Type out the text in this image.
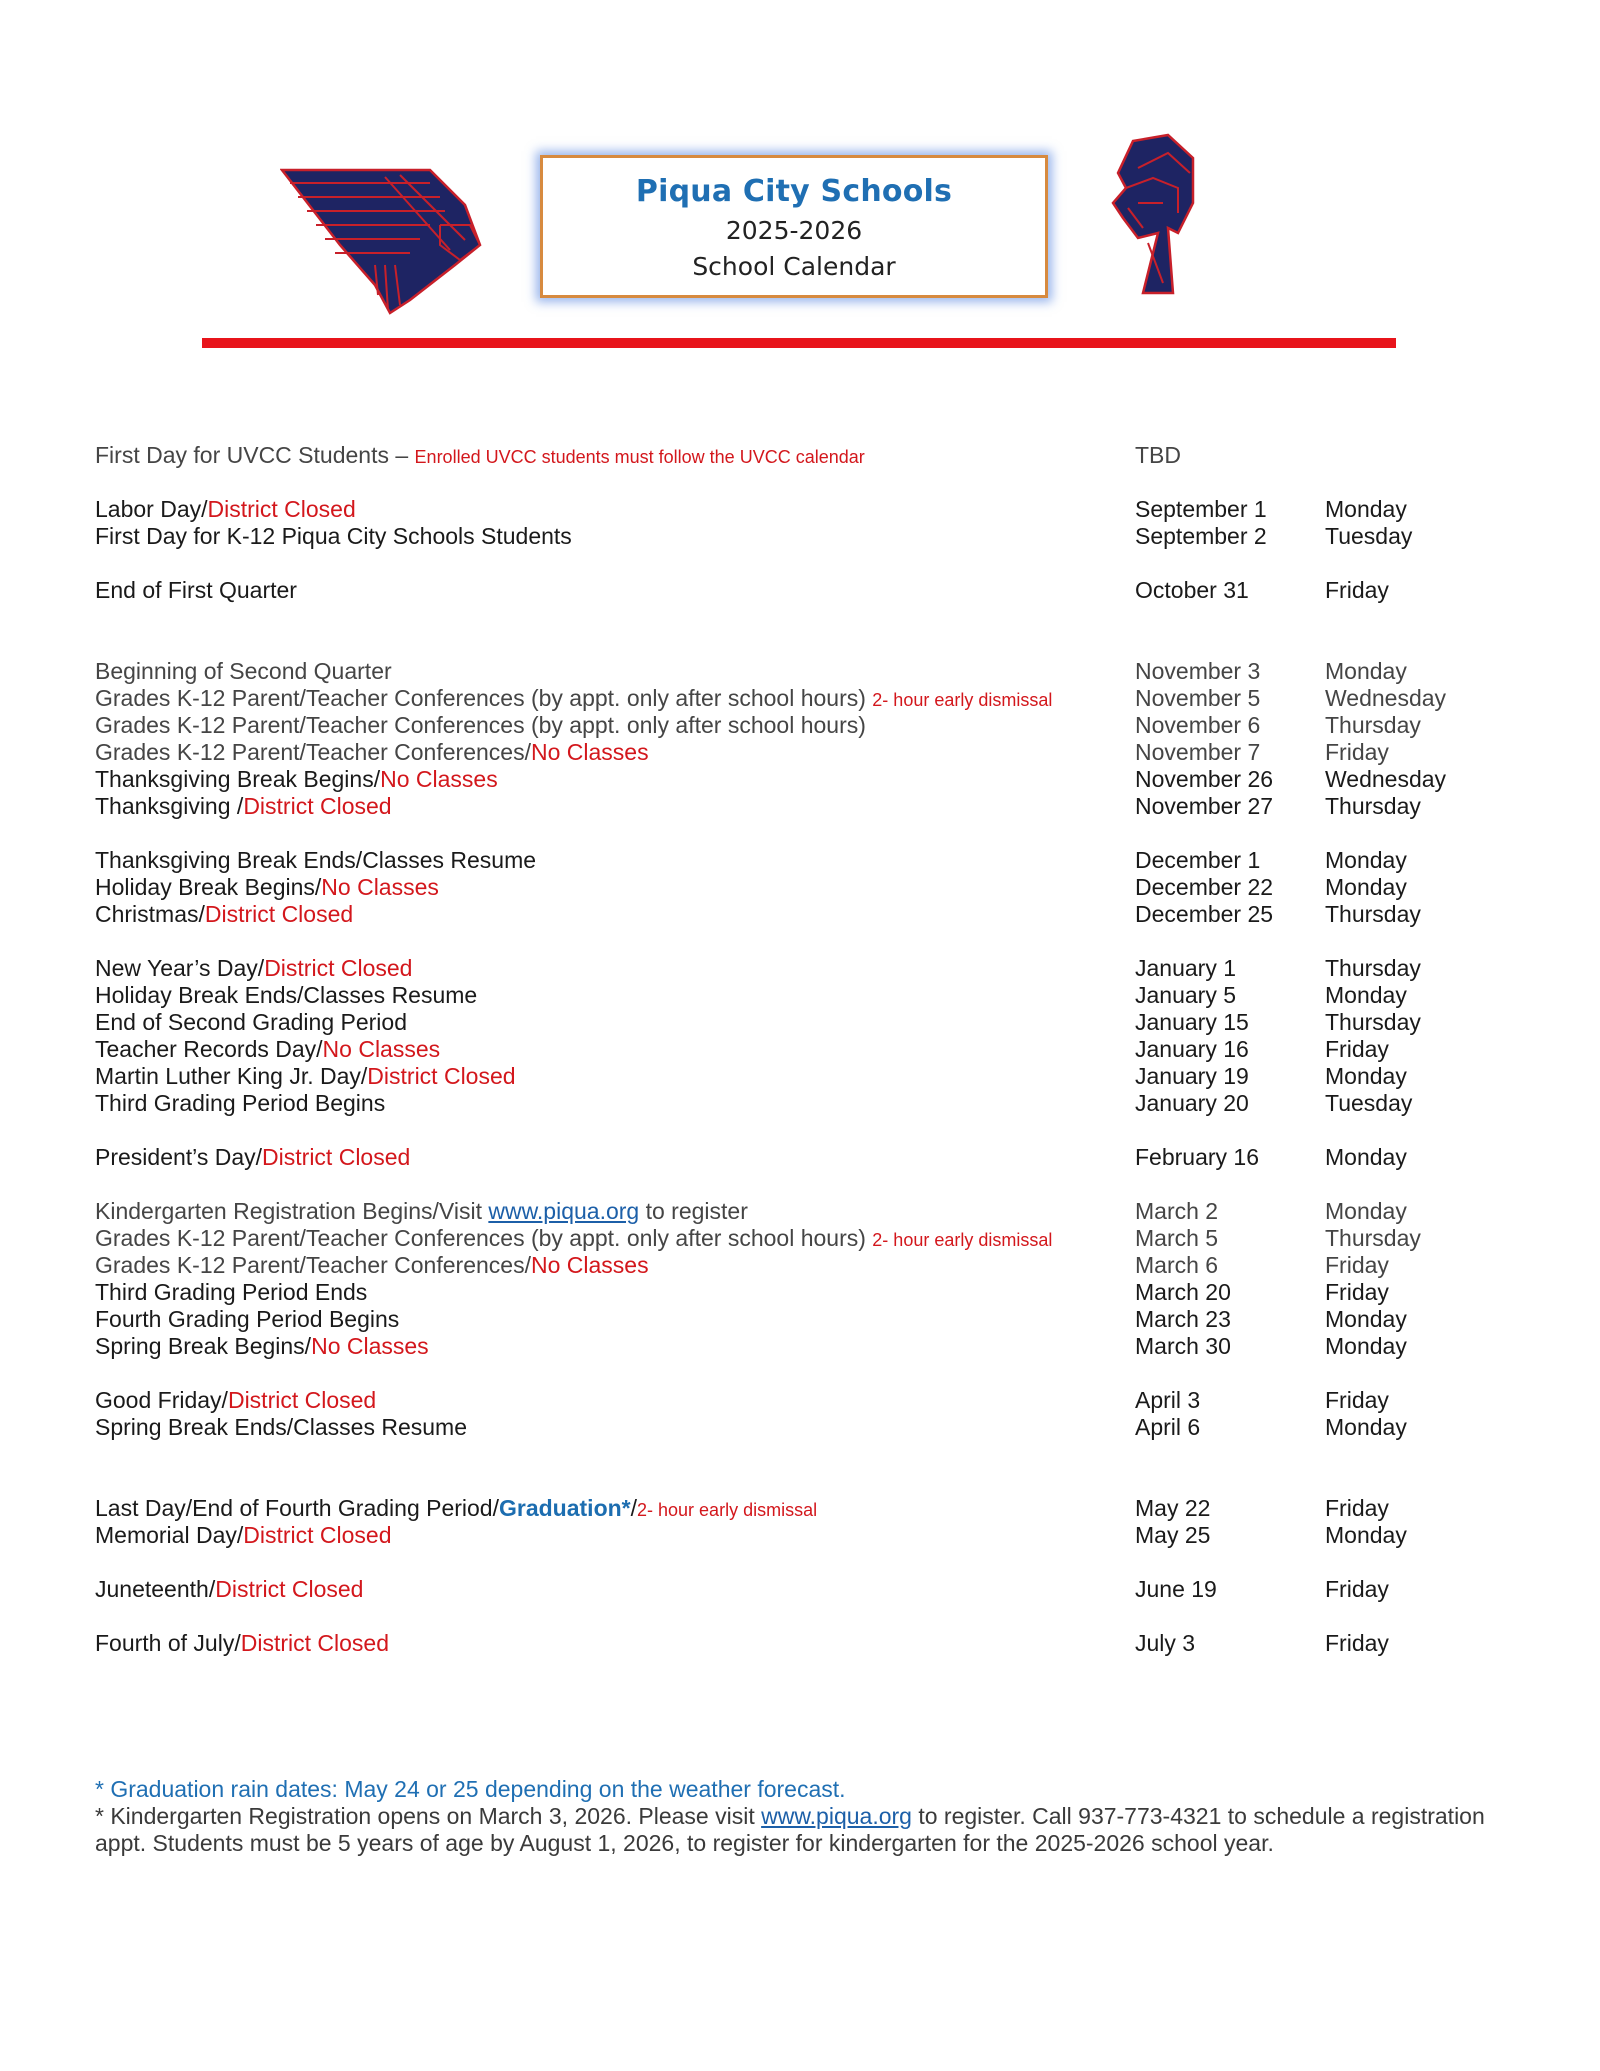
Piqua City Schools
2025-2026
School Calendar
First Day for UVCC Students – Enrolled UVCC students must follow the UVCC calendar	TBD
Labor Day/District Closed	September 1	Monday
First Day for K-12 Piqua City Schools Students	September 2	Tuesday
End of First Quarter	October 31	Friday
Beginning of Second Quarter	November 3	Monday
Grades K-12 Parent/Teacher Conferences (by appt. only after school hours) 2- hour early dismissal	November 5	Wednesday
Grades K-12 Parent/Teacher Conferences (by appt. only after school hours)	November 6	Thursday
Grades K-12 Parent/Teacher Conferences/No Classes	November 7	Friday
Thanksgiving Break Begins/No Classes	November 26 Wednesday
Thanksgiving /District Closed	November 27 Thursday
Thanksgiving Break Ends/Classes Resume	December 1	Monday
Holiday Break Begins/No Classes	December 22 Monday
Christmas/District Closed	December 25 Thursday
New Year’s Day/District Closed	January 1	Thursday
Holiday Break Ends/Classes Resume	January 5	Monday
End of Second Grading Period	January 15	Thursday
Teacher Records Day/No Classes	January 16	Friday
Martin Luther King Jr. Day/District Closed	January 19	Monday
Third Grading Period Begins	January 20	Tuesday
President’s Day/District Closed	February 16	Monday
Kindergarten Registration Begins/Visit www.piqua.org to register	March 2	Monday
Grades K-12 Parent/Teacher Conferences (by appt. only after school hours) 2- hour early dismissal	March 5	Thursday
Grades K-12 Parent/Teacher Conferences/No Classes	March 6	Friday
Third Grading Period Ends	March 20	Friday
Fourth Grading Period Begins	March 23	Monday
Spring Break Begins/No Classes	March 30	Monday
Good Friday/District Closed	April 3	Friday
Spring Break Ends/Classes Resume	April 6	Monday
Last Day/End of Fourth Grading Period/Graduation*/2- hour early dismissal	May 22	Friday
Memorial Day/District Closed	May 25	Monday
Juneteenth/District Closed	June 19	Friday
Fourth of July/District Closed	July 3	Friday
* Graduation rain dates: May 24 or 25 depending on the weather forecast.
* Kindergarten Registration opens on March 3, 2026. Please visit www.piqua.org to register. Call 937-773-4321 to schedule a registration appt. Students must be 5 years of age by August 1, 2026, to register for kindergarten for the 2025-2026 school year.
